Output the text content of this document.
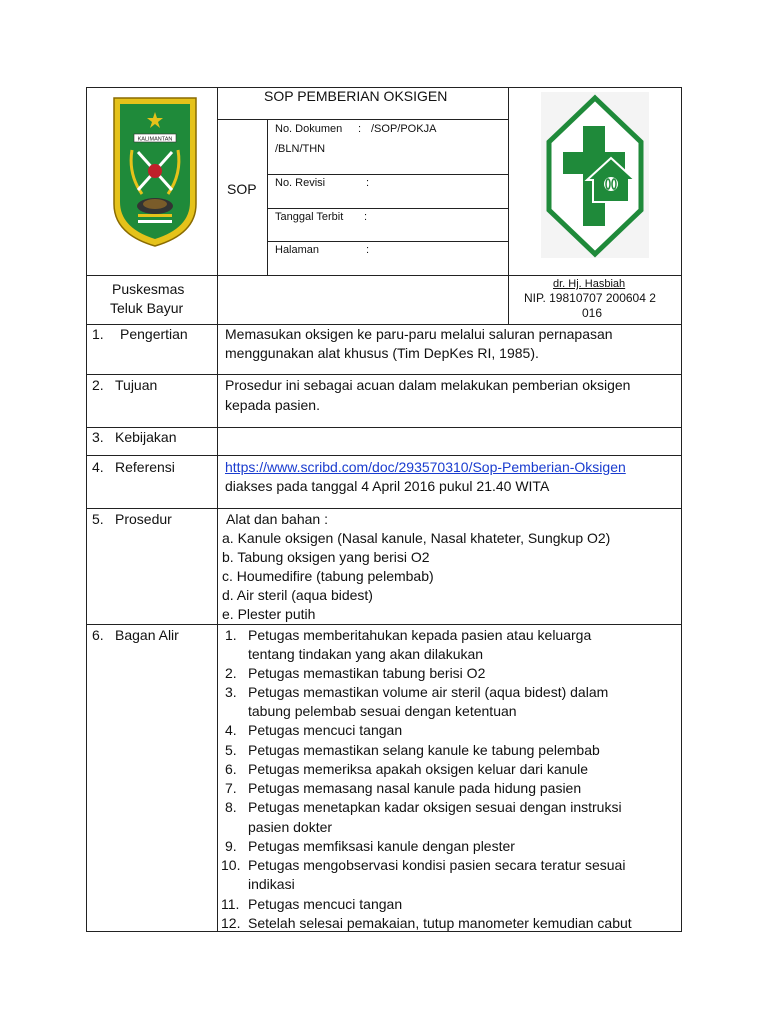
KALIMANTAN
SOP PEMBERIAN OKSIGEN
SOP
No. Dokumen : /SOP/POKJA
/BLN/THN
No. Revisi	:
Tanggal Terbit :
Halaman	:
Puskesmas
Teluk Bayur
dr. Hj. Hasbiah
NIP. 19810707 200604 2
016
1. Pengertian	Memasukan oksigen ke paru-paru melalui saluran pernapasan
menggunakan alat khusus (Tim DepKes RI, 1985).
2. Tujuan	Prosedur ini sebagai acuan dalam melakukan pemberian oksigen
kepada pasien.
3. Kebijakan
4. Referensi	https://www.scribd.com/doc/293570310/Sop-Pemberian-Oksigen
diakses pada tanggal 4 April 2016 pukul 21.40 WITA
5. Prosedur	Alat dan bahan :
a. Kanule oksigen (Nasal kanule, Nasal khateter, Sungkup O2)
b. Tabung oksigen yang berisi O2
c. Houmedifire (tabung pelembab)
d. Air steril (aqua bidest)
e. Plester putih
6. Bagan Alir	1. Petugas memberitahukan kepada pasien atau keluarga
tentang tindakan yang akan dilakukan
2. Petugas memastikan tabung berisi O2
3. Petugas memastikan volume air steril (aqua bidest) dalam
tabung pelembab sesuai dengan ketentuan
4. Petugas mencuci tangan
5. Petugas memastikan selang kanule ke tabung pelembab
6. Petugas memeriksa apakah oksigen keluar dari kanule
7. Petugas memasang nasal kanule pada hidung pasien
8. Petugas menetapkan kadar oksigen sesuai dengan instruksi
pasien dokter
9. Petugas memfiksasi kanule dengan plester
10. Petugas mengobservasi kondisi pasien secara teratur sesuai
indikasi
11. Petugas mencuci tangan
12. Setelah selesai pemakaian, tutup manometer kemudian cabut
